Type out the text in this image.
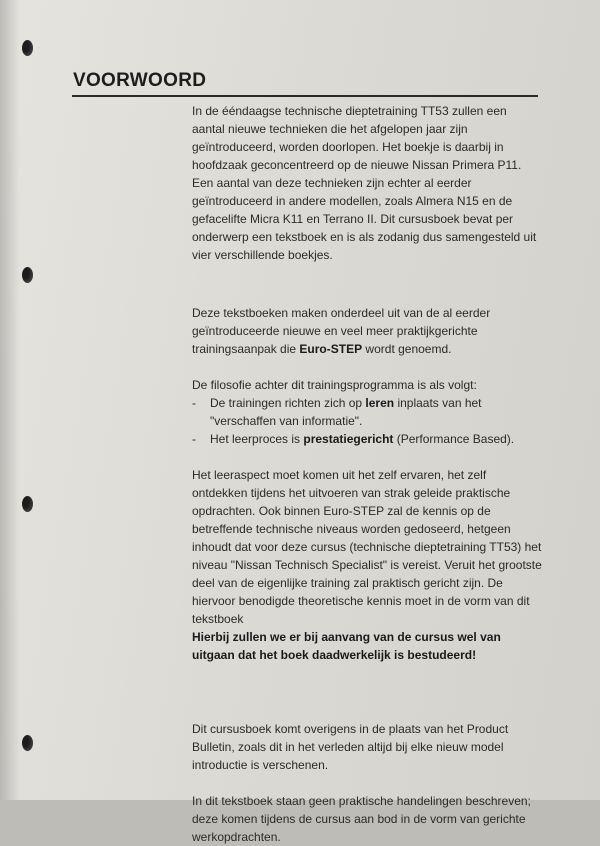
VOORWOORD

In de ééndaagse technische dieptetraining TT53 zullen een aantal nieuwe technieken die het afgelopen jaar zijn geïntroduceerd, worden doorlopen. Het boekje is daarbij in hoofdzaak geconcentreerd op de nieuwe Nissan Primera P11. Een aantal van deze technieken zijn echter al eerder geïntroduceerd in andere modellen, zoals Almera N15 en de gefacelifte Micra K11 en Terrano II. Dit cursusboek bevat per onderwerp een tekstboek en is als zodanig dus samengesteld uit vier verschillende boekjes.

Deze tekstboeken maken onderdeel uit van de al eerder geïntroduceerde nieuwe en veel meer praktijkgerichte trainingsaanpak die Euro-STEP wordt genoemd.

De filosofie achter dit trainingsprogramma is als volgt:

- De trainingen richten zich op leren inplaats van het "verschaffen van informatie".
- Het leerproces is prestatiegericht (Performance Based).

Het leeraspect moet komen uit het zelf ervaren, het zelf ontdekken tijdens het uitvoeren van strak geleide praktische opdrachten. Ook binnen Euro-STEP zal de kennis op de betreffende technische niveaus worden gedoseerd, hetgeen inhoudt dat voor deze cursus (technische dieptetraining TT53) het niveau "Nissan Technisch Specialist" is vereist. Veruit het grootste deel van de eigenlijke training zal praktisch gericht zijn. De hiervoor benodigde theoretische kennis moet in de vorm van dit tekstboek
Hierbij zullen we er bij aanvang van de cursus wel van uitgaan dat het boek daadwerkelijk is bestudeerd!

Dit cursusboek komt overigens in de plaats van het Product Bulletin, zoals dit in het verleden altijd bij elke nieuw model introductie is verschenen.

In dit tekstboek staan geen praktische handelingen beschreven; deze komen tijdens de cursus aan bod in de vorm van gerichte werkopdrachten.
